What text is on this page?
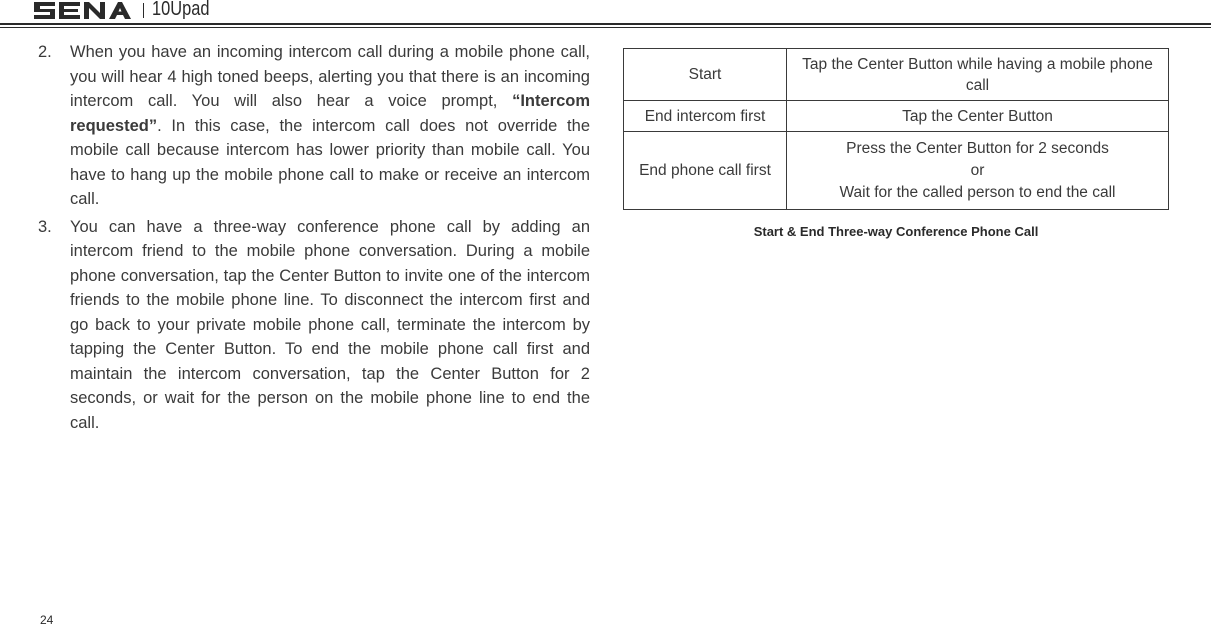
10Upad
2. When you have an incoming intercom call during a mobile phone call, you will hear 4 high toned beeps, alerting you that there is an incoming intercom call. You will also hear a voice prompt, “Intercom requested”. In this case, the intercom call does not override the mobile call because intercom has lower priority than mobile call. You have to hang up the mobile phone call to make or receive an intercom call.
3. You can have a three-way conference phone call by adding an intercom friend to the mobile phone conversation. During a mobile phone conversation, tap the Center Button to invite one of the intercom friends to the mobile phone line. To disconnect the intercom first and go back to your private mobile phone call, terminate the intercom by tapping the Center Button. To end the mobile phone call first and maintain the intercom conversation, tap the Center Button for 2 seconds, or wait for the person on the mobile phone line to end the call.
Start	Tap the Center Button while having a mobile phone call
End intercom first	Tap the Center Button
End phone call first	Press the Center Button for 2 seconds
or
Wait for the called person to end the call
Start & End Three-way Conference Phone Call
24
